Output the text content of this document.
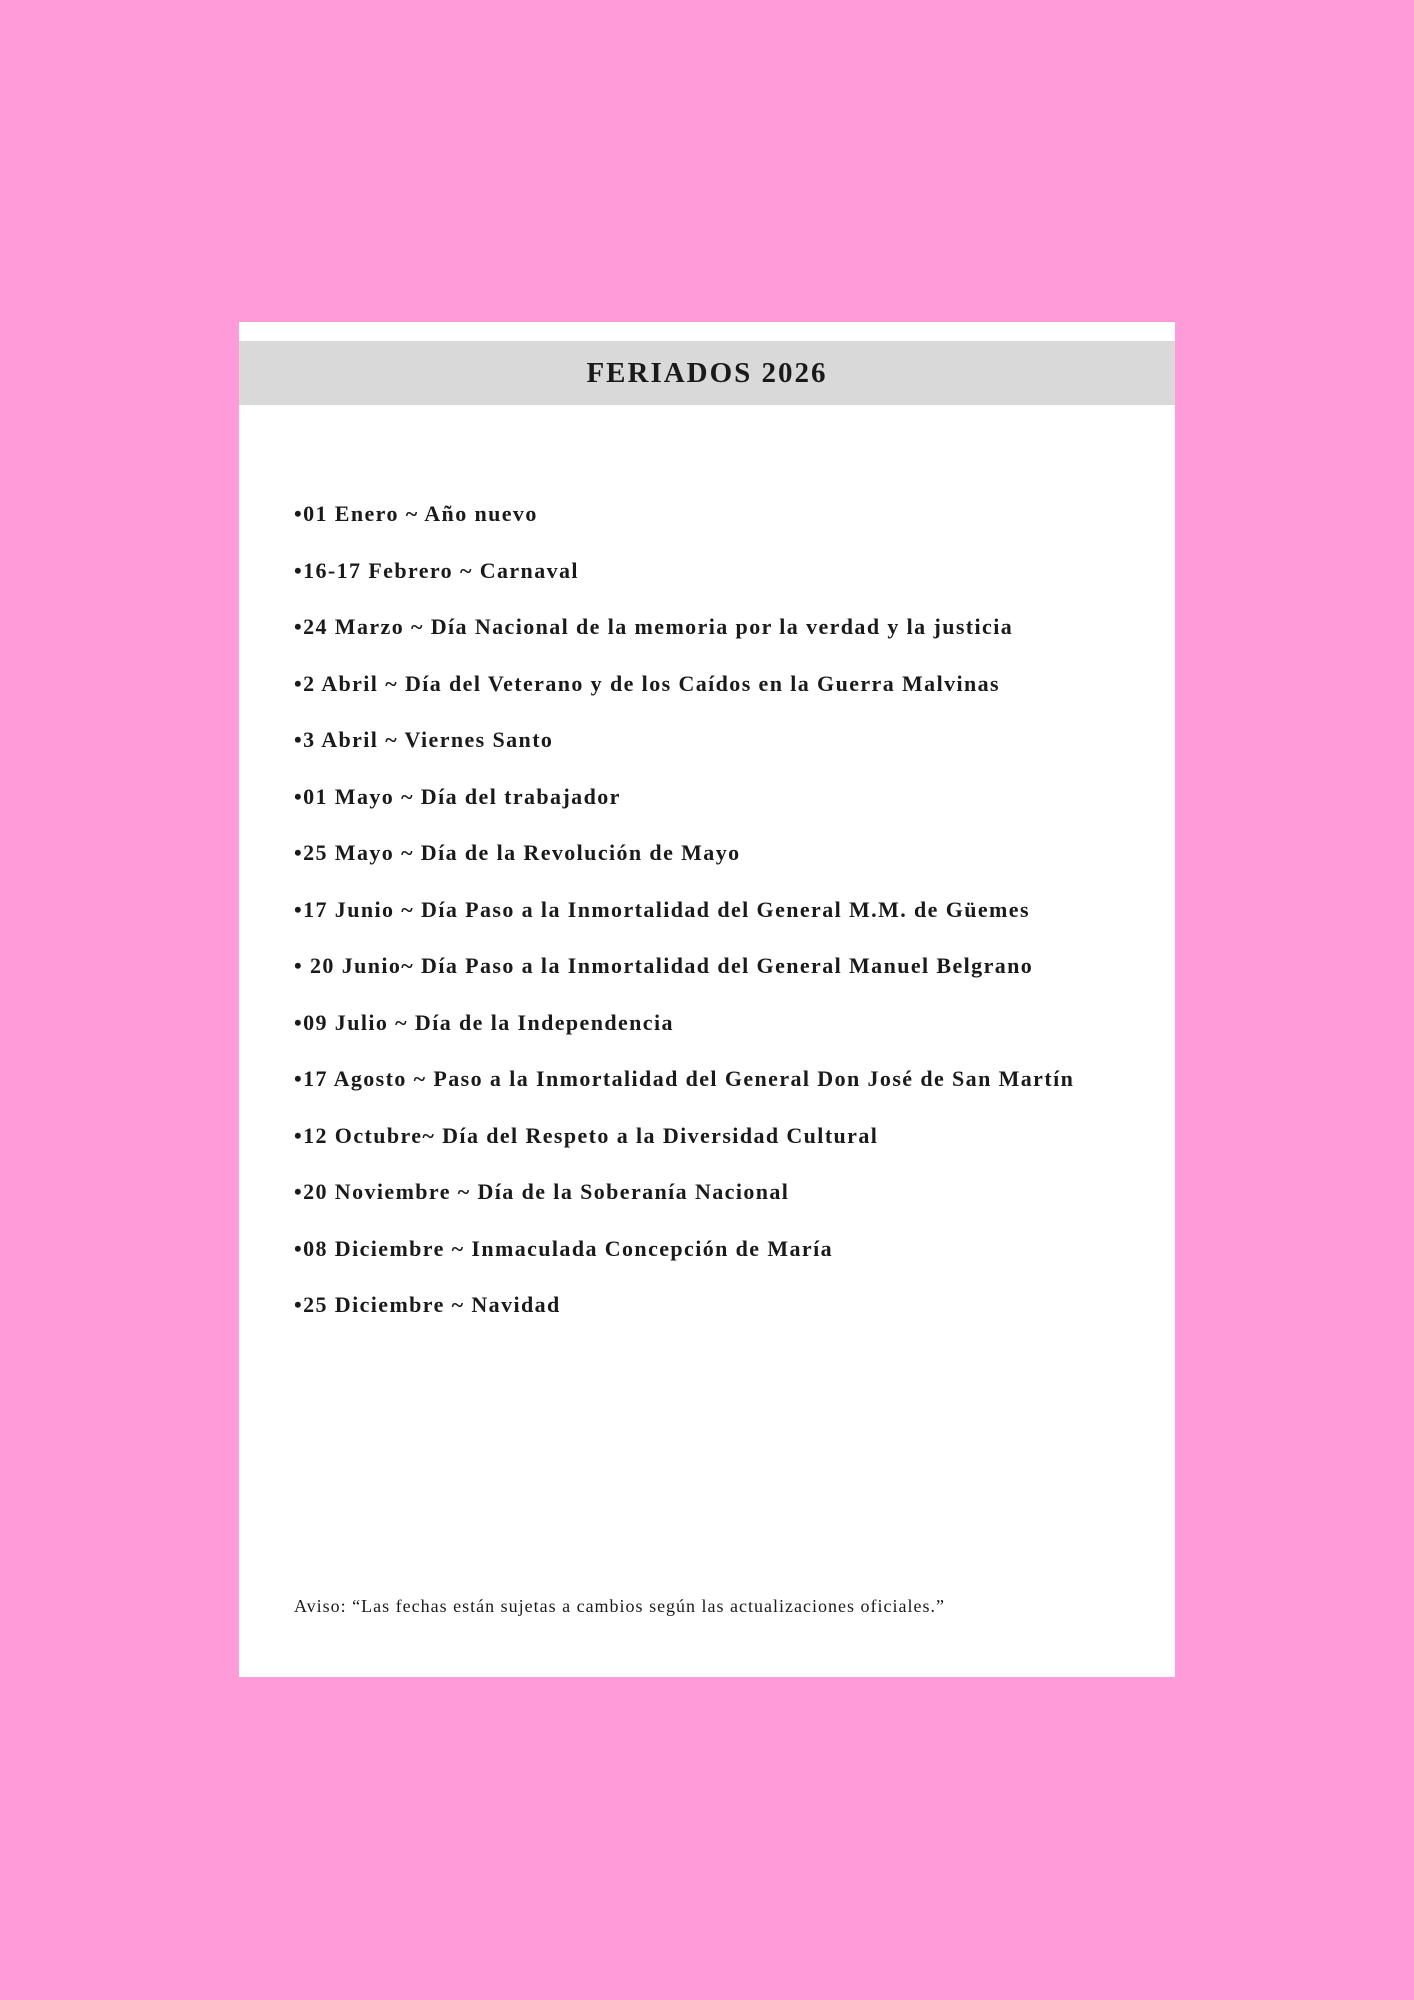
FERIADOS 2026
•01 Enero ~ Año nuevo
•16-17 Febrero ~ Carnaval
•24 Marzo ~ Día Nacional de la memoria por la verdad y la justicia
•2 Abril ~ Día del Veterano y de los Caídos en la Guerra Malvinas
•3 Abril ~ Viernes Santo
•01 Mayo ~ Día del trabajador
•25 Mayo ~ Día de la Revolución de Mayo
•17 Junio ~ Día Paso a la Inmortalidad del General M.M. de Güemes
• 20 Junio~ Día Paso a la Inmortalidad del General Manuel Belgrano
•09 Julio ~ Día de la Independencia
•17 Agosto ~ Paso a la Inmortalidad del General Don José de San Martín
•12 Octubre~ Día del Respeto a la Diversidad Cultural
•20 Noviembre ~ Día de la Soberanía Nacional
•08 Diciembre ~ Inmaculada Concepción de María
•25 Diciembre ~ Navidad
Aviso: “Las fechas están sujetas a cambios según las actualizaciones oficiales.”
